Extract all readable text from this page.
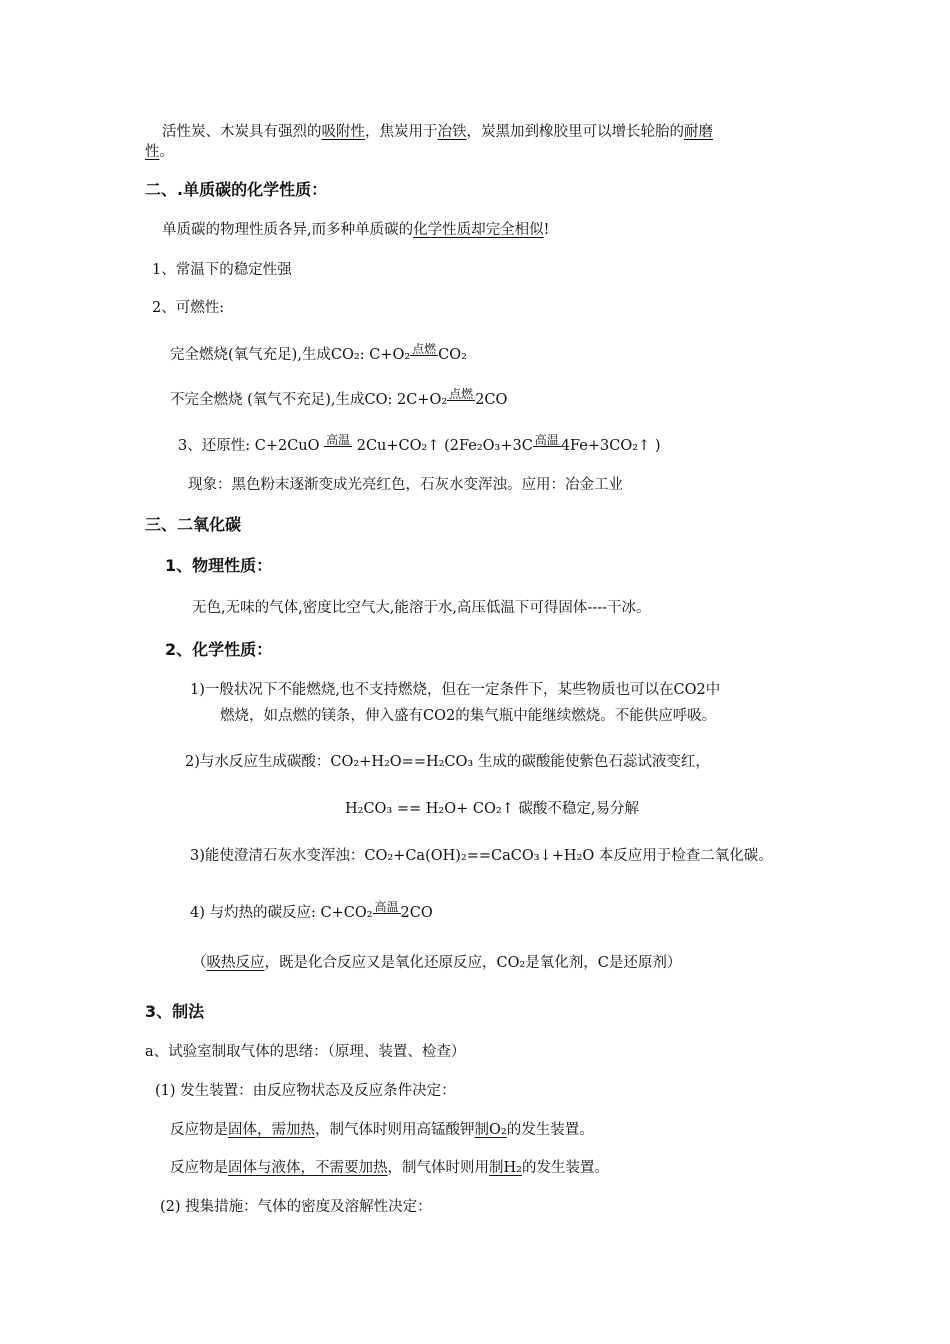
活性炭、木炭具有强烈的吸附性，焦炭用于冶铁，炭黑加到橡胶里可以增长轮胎的耐磨
性。
二、.单质碳的化学性质：
单质碳的物理性质各异,而多种单质碳的化学性质却完全相似!
1、常温下的稳定性强
2、可燃性:
完全燃烧(氧气充足),生成CO₂: C+O₂ 点燃 CO₂
不完全燃烧 (氧气不充足),生成CO: 2C+O₂ 点燃 2CO
3、还原性: C+2CuO 高温 2Cu+CO₂↑ (2Fe₂O₃+3C 高温 4Fe+3CO₂↑ )
现象：黑色粉末逐渐变成光亮红色，石灰水变浑浊。应用：冶金工业
三、二氧化碳
1、物理性质：
无色,无味的气体,密度比空气大,能溶于水,高压低温下可得固体----干冰。
2、化学性质：
1)一般状况下不能燃烧,也不支持燃烧，但在一定条件下，某些物质也可以在CO2中
燃烧，如点燃的镁条，伸入盛有CO2的集气瓶中能继续燃烧。不能供应呼吸。
2)与水反应生成碳酸：CO₂+H₂O==H₂CO₃ 生成的碳酸能使紫色石蕊试液变红，
H₂CO₃ == H₂O+ CO₂↑ 碳酸不稳定,易分解
3)能使澄清石灰水变浑浊：CO₂+Ca(OH)₂==CaCO₃↓+H₂O 本反应用于检查二氧化碳。
4) 与灼热的碳反应: C+CO₂ 高温 2CO
（吸热反应，既是化合反应又是氧化还原反应，CO₂是氧化剂，C是还原剂）
3、制法
a、试验室制取气体的思绪：（原理、装置、检查）
(1) 发生装置：由反应物状态及反应条件决定：
反应物是固体，需加热，制气体时则用高锰酸钾制O₂的发生装置。
反应物是固体与液体，不需要加热，制气体时则用制H₂的发生装置。
(2) 搜集措施：气体的密度及溶解性决定：
